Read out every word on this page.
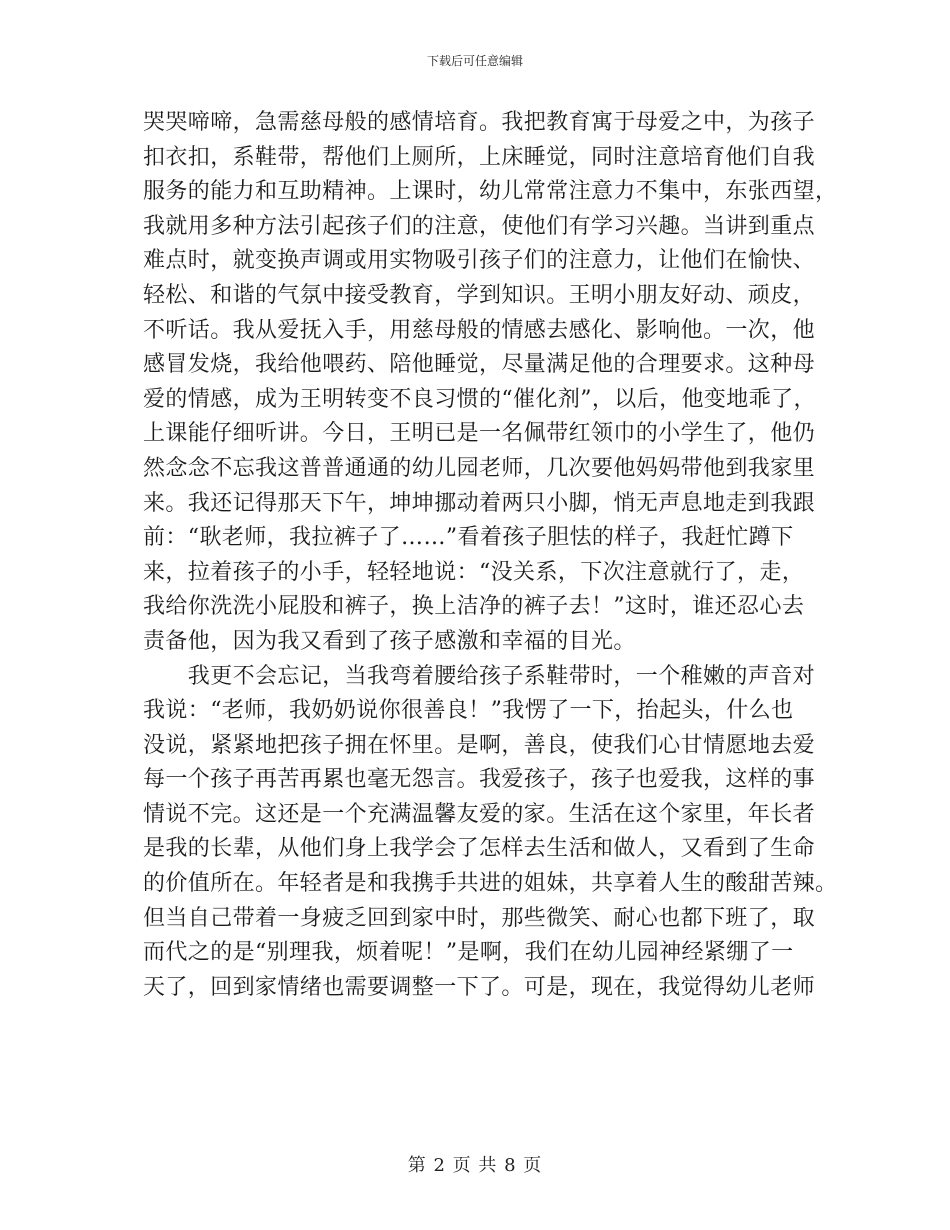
下载后可任意编辑
哭哭啼啼，急需慈母般的感情培育。我把教育寓于母爱之中，为孩子
扣衣扣，系鞋带，帮他们上厕所，上床睡觉，同时注意培育他们自我
服务的能力和互助精神。上课时，幼儿常常注意力不集中，东张西望，
我就用多种方法引起孩子们的注意，使他们有学习兴趣。当讲到重点
难点时，就变换声调或用实物吸引孩子们的注意力，让他们在愉快、
轻松、和谐的气氛中接受教育，学到知识。王明小朋友好动、顽皮，
不听话。我从爱抚入手，用慈母般的情感去感化、影响他。一次，他
感冒发烧，我给他喂药、陪他睡觉，尽量满足他的合理要求。这种母
爱的情感，成为王明转变不良习惯的“催化剂”，以后，他变地乖了，
上课能仔细听讲。今日，王明已是一名佩带红领巾的小学生了，他仍
然念念不忘我这普普通通的幼儿园老师，几次要他妈妈带他到我家里
来。我还记得那天下午，坤坤挪动着两只小脚，悄无声息地走到我跟
前：“耿老师，我拉裤子了……”看着孩子胆怯的样子，我赶忙蹲下
来，拉着孩子的小手，轻轻地说：“没关系，下次注意就行了，走，
我给你洗洗小屁股和裤子，换上洁净的裤子去！”这时，谁还忍心去
责备他，因为我又看到了孩子感激和幸福的目光。
　　我更不会忘记，当我弯着腰给孩子系鞋带时，一个稚嫩的声音对
我说：“老师，我奶奶说你很善良！”我愣了一下，抬起头，什么也
没说，紧紧地把孩子拥在怀里。是啊，善良，使我们心甘情愿地去爱
每一个孩子再苦再累也毫无怨言。我爱孩子，孩子也爱我，这样的事
情说不完。这还是一个充满温馨友爱的家。生活在这个家里，年长者
是我的长辈，从他们身上我学会了怎样去生活和做人，又看到了生命
的价值所在。年轻者是和我携手共进的姐妹，共享着人生的酸甜苦辣。
但当自己带着一身疲乏回到家中时，那些微笑、耐心也都下班了，取
而代之的是“别理我，烦着呢！”是啊，我们在幼儿园神经紧绷了一
天了，回到家情绪也需要调整一下了。可是，现在，我觉得幼儿老师
第 2 页 共 8 页
